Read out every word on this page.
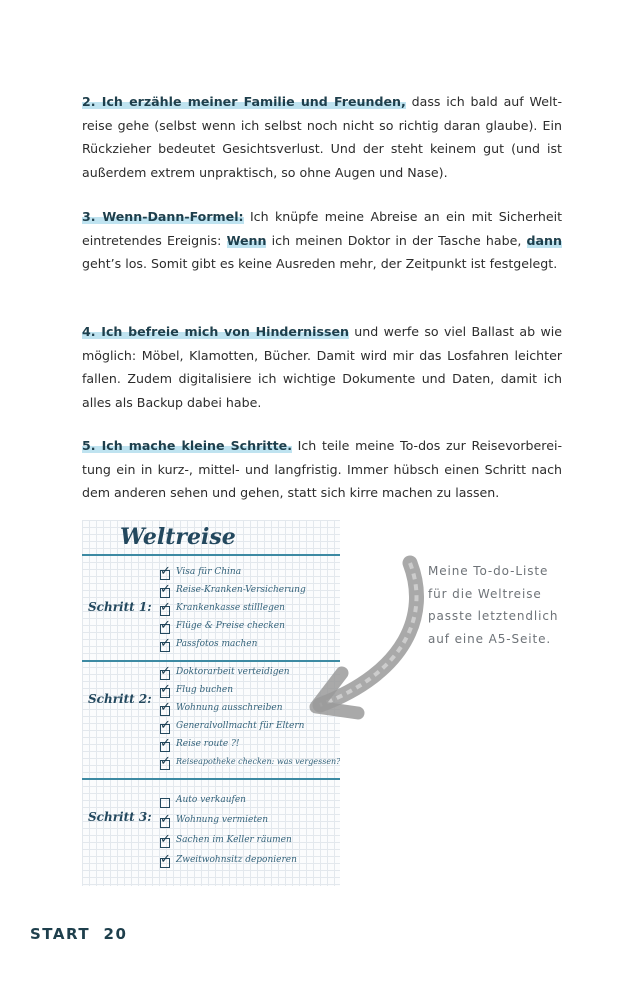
2. Ich erzähle meiner Familie und Freunden, dass ich bald auf Weltreise gehe (selbst wenn ich selbst noch nicht so richtig daran glaube). Ein Rückzieher bedeutet Gesichtsverlust. Und der steht keinem gut (und ist außerdem extrem unpraktisch, so ohne Augen und Nase).

3. Wenn-Dann-Formel: Ich knüpfe meine Abreise an ein mit Sicherheit eintretendes Ereignis: Wenn ich meinen Doktor in der Tasche habe, dann geht’s los. Somit gibt es keine Ausreden mehr, der Zeitpunkt ist festgelegt.

4. Ich befreie mich von Hindernissen und werfe so viel Ballast ab wie möglich: Möbel, Klamotten, Bücher. Damit wird mir das Losfahren leichter fallen. Zudem digitalisiere ich wichtige Dokumente und Daten, damit ich alles als Backup dabei habe.

5. Ich mache kleine Schritte. Ich teile meine To-dos zur Reisevorbereitung ein in kurz-, mittel- und langfristig. Immer hübsch einen Schritt nach dem anderen sehen und gehen, statt sich kirre machen zu lassen.

Weltreise
Schritt 1:
Schritt 2:
Schritt 3:
✓ Visa für China
✓ Reise-Kranken-Versicherung
✓ Krankenkasse stilllegen
✓ Flüge & Preise checken
✓ Passfotos machen
✓ Doktorarbeit verteidigen
✓ Flug buchen
✓ Wohnung ausschreiben
✓ Generalvollmacht für Eltern
✓ Reise route ?!
✓ Reiseapotheke checken: was vergessen?
Auto verkaufen
✓ Wohnung vermieten
✓ Sachen im Keller räumen
✓ Zweitwohnsitz deponieren
Meine To-do-Liste
für die Weltreise
passte letztendlich
auf eine A5-Seite.
START 20
